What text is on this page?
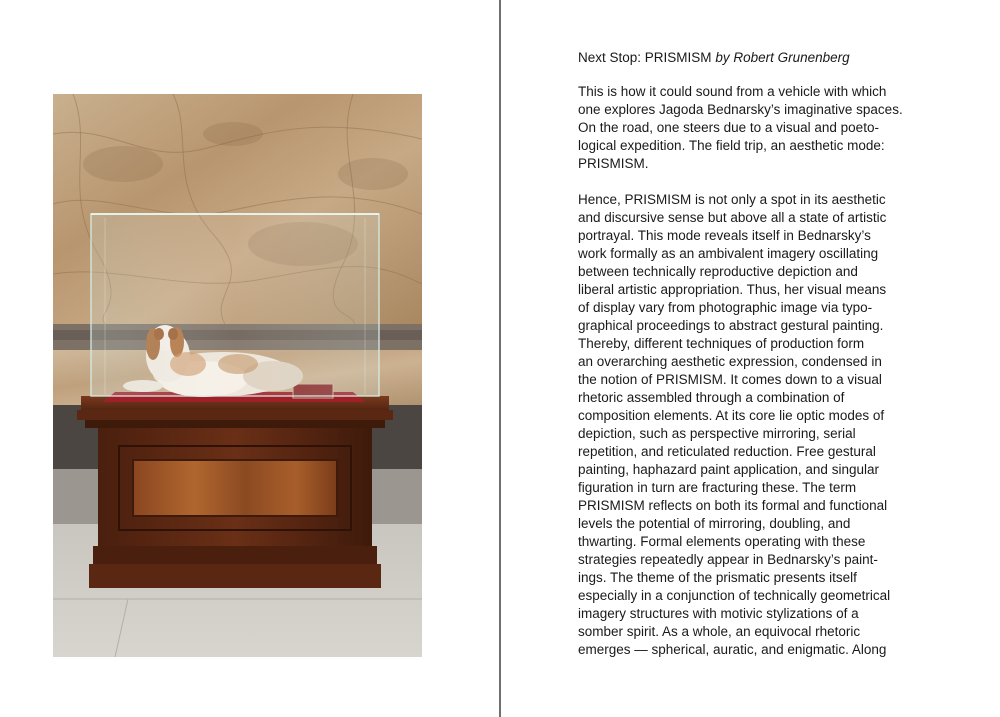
Next Stop: PRISMISM by Robert Grunenberg

This is how it could sound from a vehicle with which
one explores Jagoda Bednarsky’s imaginative spaces.
On the road, one steers due to a visual and poeto-
logical expedition. The field trip, an aesthetic mode:
PRISMISM.

Hence, PRISMISM is not only a spot in its aesthetic
and discursive sense but above all a state of artistic
portrayal. This mode reveals itself in Bednarsky’s
work formally as an ambivalent imagery oscillating
between technically reproductive depiction and
liberal artistic appropriation. Thus, her visual means
of display vary from photographic image via typo-
graphical proceedings to abstract gestural painting.
Thereby, different techniques of production form
an overarching aesthetic expression, condensed in
the notion of PRISMISM. It comes down to a visual
rhetoric assembled through a combination of
composition elements. At its core lie optic modes of
depiction, such as perspective mirroring, serial
repetition, and reticulated reduction. Free gestural
painting, haphazard paint application, and singular
figuration in turn are fracturing these. The term
PRISMISM reflects on both its formal and functional
levels the potential of mirroring, doubling, and
thwarting. Formal elements operating with these
strategies repeatedly appear in Bednarsky’s paint-
ings. The theme of the prismatic presents itself
especially in a conjunction of technically geometrical
imagery structures with motivic stylizations of a
somber spirit. As a whole, an equivocal rhetoric
emerges — spherical, auratic, and enigmatic. Along
